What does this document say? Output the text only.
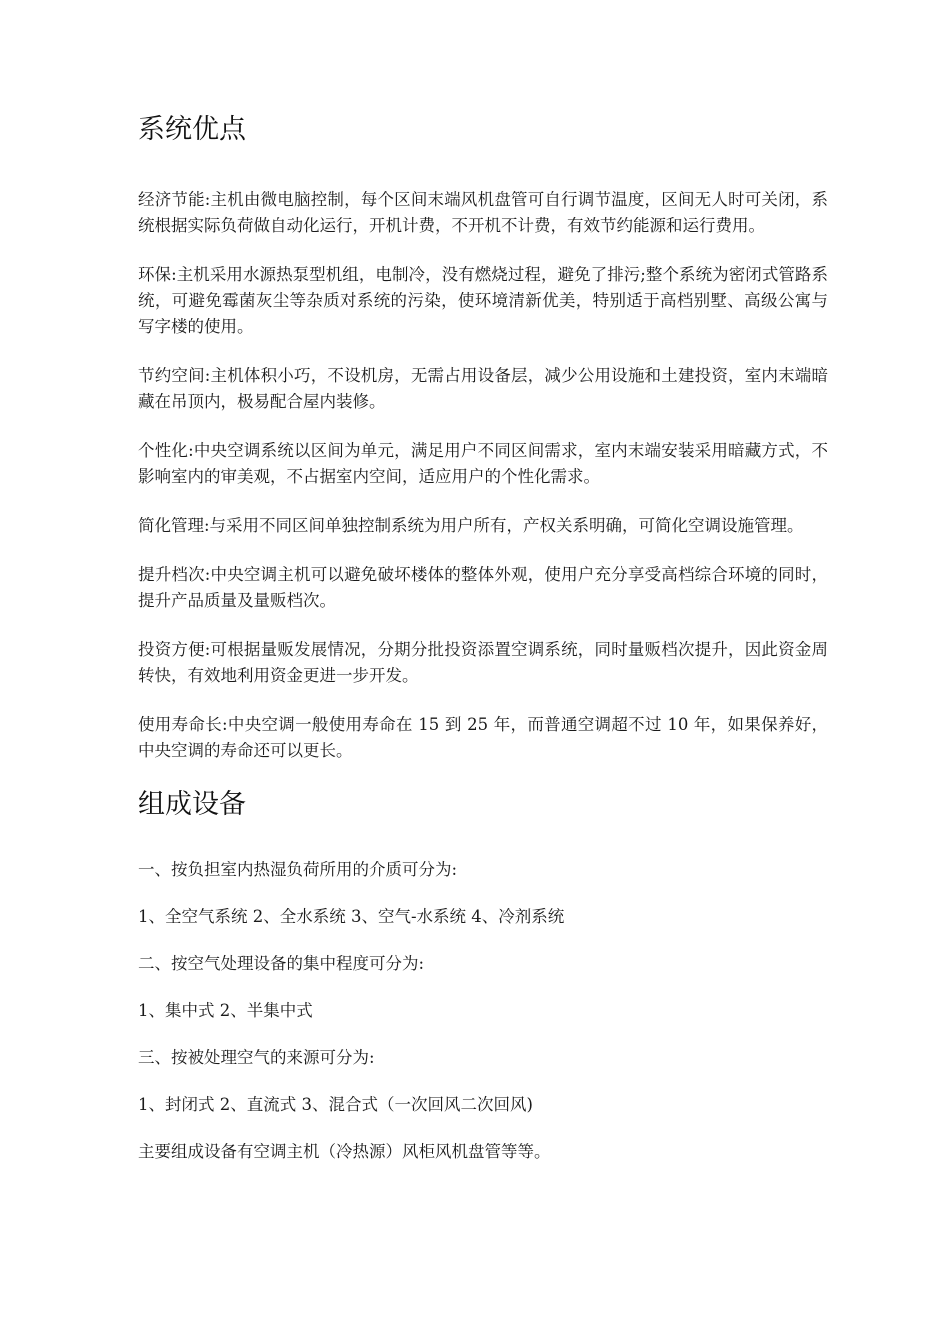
系统优点

经济节能:主机由微电脑控制，每个区间末端风机盘管可自行调节温度，区间无人时可关闭，系统根据实际负荷做自动化运行，开机计费，不开机不计费，有效节约能源和运行费用。

环保:主机采用水源热泵型机组，电制冷，没有燃烧过程，避免了排污;整个系统为密闭式管路系统，可避免霉菌灰尘等杂质对系统的污染，使环境清新优美，特别适于高档别墅、高级公寓与写字楼的使用。

节约空间:主机体积小巧，不设机房，无需占用设备层，减少公用设施和土建投资，室内末端暗藏在吊顶内，极易配合屋内装修。

个性化:中央空调系统以区间为单元，满足用户不同区间需求，室内末端安装采用暗藏方式，不影响室内的审美观，不占据室内空间，适应用户的个性化需求。

简化管理:与采用不同区间单独控制系统为用户所有，产权关系明确，可简化空调设施管理。

提升档次:中央空调主机可以避免破坏楼体的整体外观，使用户充分享受高档综合环境的同时，提升产品质量及量贩档次。

投资方便:可根据量贩发展情况，分期分批投资添置空调系统，同时量贩档次提升，因此资金周转快，有效地利用资金更进一步开发。

使用寿命长:中央空调一般使用寿命在 15 到 25 年，而普通空调超不过 10 年，如果保养好，中央空调的寿命还可以更长。

组成设备

一、按负担室内热湿负荷所用的介质可分为:

1、全空气系统 2、全水系统 3、空气-水系统 4、冷剂系统

二、按空气处理设备的集中程度可分为:

1、集中式 2、半集中式

三、按被处理空气的来源可分为:

1、封闭式 2、直流式 3、混合式（一次回风二次回风)

主要组成设备有空调主机（冷热源）风柜风机盘管等等。
